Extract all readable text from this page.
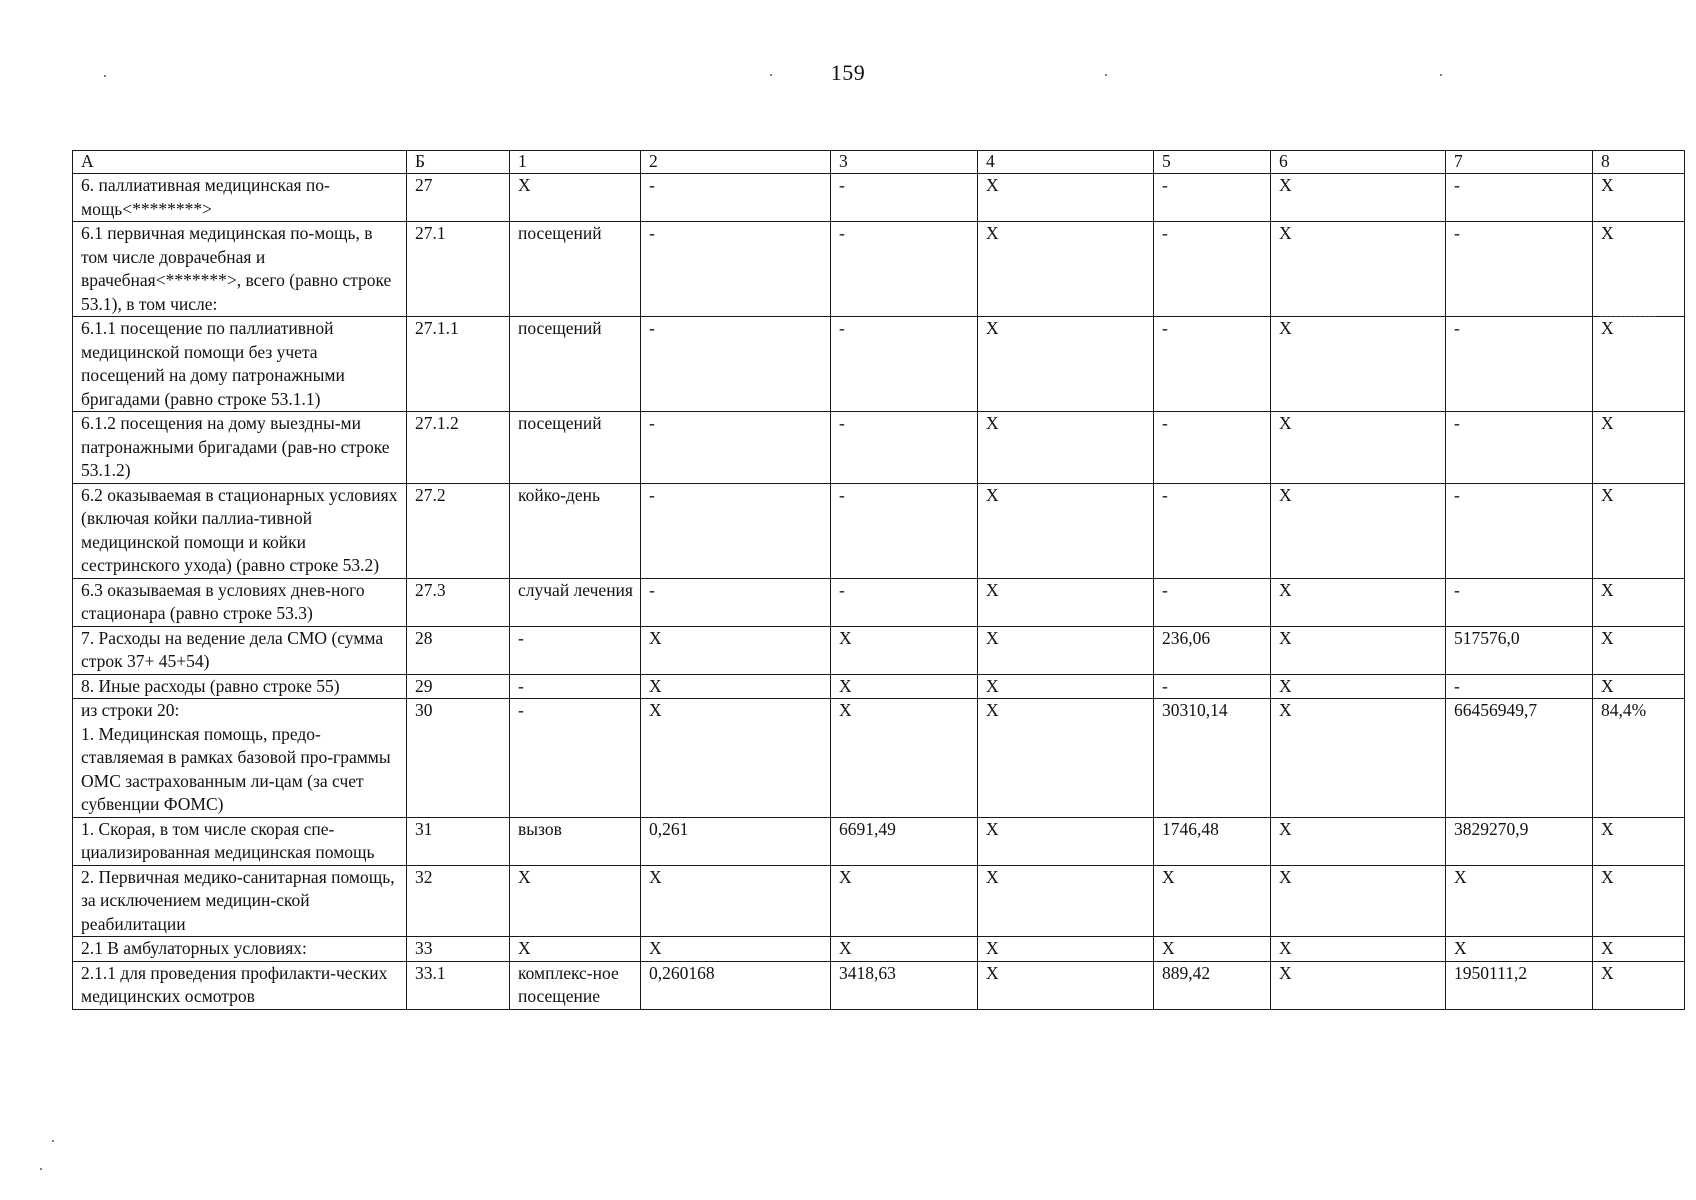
159
А	Б	1	2	3	4	5	6	7	8
6. паллиативная медицинская по-мощь<********>	27	X	-	-	X	-	X	-	X
6.1 первичная медицинская по-мощь, в том числе доврачебная и врачебная<*******>, всего (равно строке 53.1), в том числе:	27.1	посещений	-	-	X	-	X	-	X
6.1.1 посещение по паллиативной медицинской помощи без учета посещений на дому патронажными бригадами (равно строке 53.1.1)	27.1.1	посещений	-	-	X	-	X	-	X
6.1.2 посещения на дому выездны-ми патронажными бригадами (рав-но строке 53.1.2)	27.1.2	посещений	-	-	X	-	X	-	X
6.2 оказываемая в стационарных условиях (включая койки паллиа-тивной медицинской помощи и койки сестринского ухода) (равно строке 53.2)	27.2	койко-день	-	-	X	-	X	-	X
6.3 оказываемая в условиях днев-ного стационара (равно строке 53.3)	27.3	случай лечения	-	-	X	-	X	-	X
7. Расходы на ведение дела СМО (сумма строк 37+ 45+54)	28	-	X	X	X	236,06	X	517576,0	X
8. Иные расходы (равно строке 55)	29	-	X	X	X	-	X	-	X
из строки 20:
1. Медицинская помощь, предо-ставляемая в рамках базовой про-граммы ОМС застрахованным ли-цам (за счет субвенции ФОМС)	30	-	X	X	X	30310,14	X	66456949,7	84,4%
1. Скорая, в том числе скорая спе-циализированная медицинская помощь	31	вызов	0,261	6691,49	X	1746,48	X	3829270,9	X
2. Первичная медико-санитарная помощь, за исключением медицин-ской реабилитации	32	X	X	X	X	X	X	X	X
2.1 В амбулаторных условиях:	33	X	X	X	X	X	X	X	X
2.1.1 для проведения профилакти-ческих медицинских осмотров	33.1	комплекс-ное посещение	0,260168	3418,63	X	889,42	X	1950111,2	X
